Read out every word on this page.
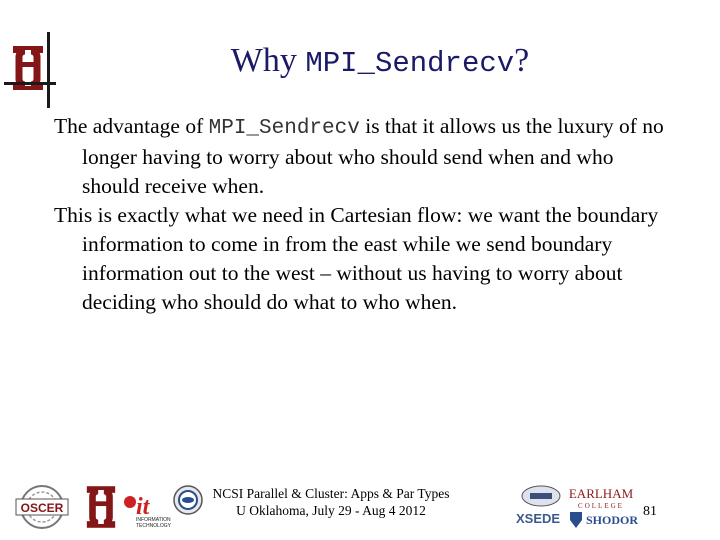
Why MPI_Sendrecv?

The advantage of MPI_Sendrecv is that it allows us the luxury of no longer having to worry about who should send when and who should receive when.

This is exactly what we need in Cartesian flow: we want the boundary information to come in from the east while we send boundary information out to the west – without us having to worry about deciding who should do what to who when.

OSCER	it
INFORMATION
TECHNOLOGY
NCSI Parallel & Cluster: Apps & Par Types
U Oklahoma, July 29 - Aug 4 2012
XSEDE
EARLHAM
COLLEGE
SHODOR
81
